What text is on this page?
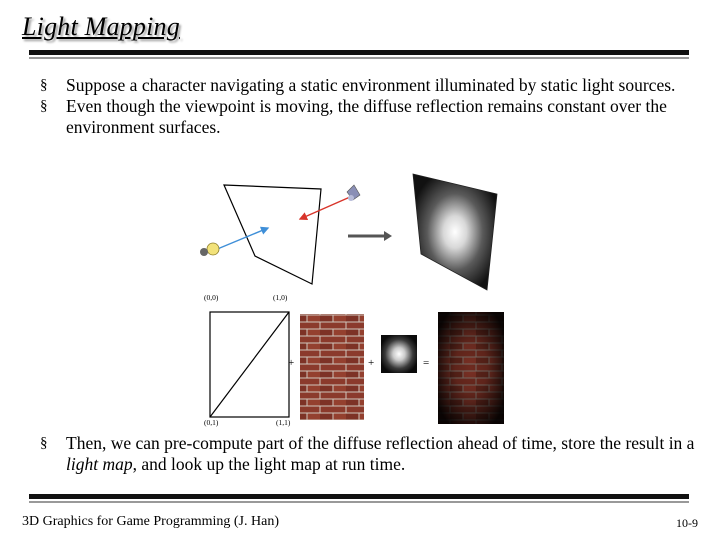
Light Mapping
§ Suppose a character navigating a static environment illuminated by static light sources.
§ Even though the viewpoint is moving, the diffuse reflection remains constant over the environment surfaces.
(0,0)	(1,0)
(0,1)	(1,1)
+	+	=
§ Then, we can pre-compute part of the diffuse reflection ahead of time, store the result in a light map, and look up the light map at run time.
3D Graphics for Game Programming (J. Han)	10-9
